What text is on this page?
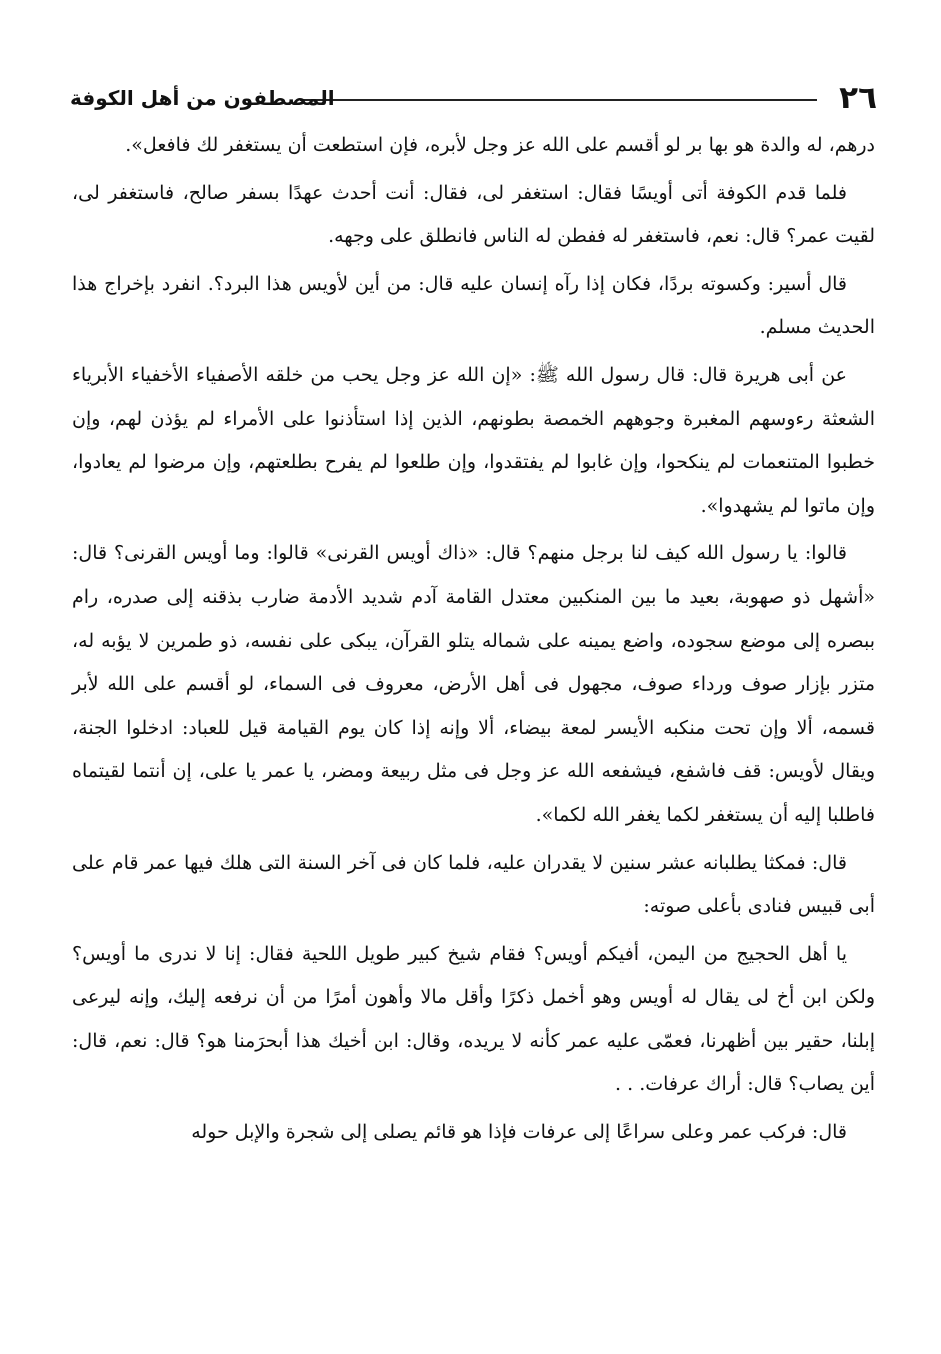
٢٦
المصطفون من أهل الكوفة

درهم، له والدة هو بها بر لو أقسم على الله عز وجل لأبره، فإن استطعت أن يستغفر لك فافعل».

فلما قدم الكوفة أتى أويسًا فقال: استغفر لى، فقال: أنت أحدث عهدًا بسفر صالح، فاستغفر لى، لقيت عمر؟ قال: نعم، فاستغفر له ففطن له الناس فانطلق على وجهه.

قال أسير: وكسوته بردًا، فكان إذا رآه إنسان عليه قال: من أين لأويس هذا البرد؟. انفرد بإخراج هذا الحديث مسلم.

عن أبى هريرة قال: قال رسول الله ﷺ: «إن الله عز وجل يحب من خلقه الأصفياء الأخفياء الأبرياء الشعثة رءوسهم المغبرة وجوههم الخمصة بطونهم، الذين إذا استأذنوا على الأمراء لم يؤذن لهم، وإن خطبوا المتنعمات لم ينكحوا، وإن غابوا لم يفتقدوا، وإن طلعوا لم يفرح بطلعتهم، وإن مرضوا لم يعادوا، وإن ماتوا لم يشهدوا».

قالوا: يا رسول الله كيف لنا برجل منهم؟ قال: «ذاك أويس القرنى» قالوا: وما أويس القرنى؟ قال: «أشهل ذو صهوبة، بعيد ما بين المنكبين معتدل القامة آدم شديد الأدمة ضارب بذقنه إلى صدره، رام ببصره إلى موضع سجوده، واضع يمينه على شماله يتلو القرآن، يبكى على نفسه، ذو طمرين لا يؤبه له، متزر بإزار صوف ورداء صوف، مجهول فى أهل الأرض، معروف فى السماء، لو أقسم على الله لأبر قسمه، ألا وإن تحت منكبه الأيسر لمعة بيضاء، ألا وإنه إذا كان يوم القيامة قيل للعباد: ادخلوا الجنة، ويقال لأويس: قف فاشفع، فيشفعه الله عز وجل فى مثل ربيعة ومضر، يا عمر يا على، إن أنتما لقيتماه فاطلبا إليه أن يستغفر لكما يغفر الله لكما».

قال: فمكثا يطلبانه عشر سنين لا يقدران عليه، فلما كان فى آخر السنة التى هلك فيها عمر قام على أبى قبيس فنادى بأعلى صوته:

يا أهل الحجيج من اليمن، أفيكم أويس؟ فقام شيخ كبير طويل اللحية فقال: إنا لا ندرى ما أويس؟ ولكن ابن أخ لى يقال له أويس وهو أخمل ذكرًا وأقل مالا وأهون أمرًا من أن نرفعه إليك، وإنه ليرعى إبلنا، حقير بين أظهرنا، فعمّى عليه عمر كأنه لا يريده، وقال: ابن أخيك هذا أبحرَمنا هو؟ قال: نعم، قال: أين يصاب؟ قال: أراك عرفات. . .

قال: فركب عمر وعلى سراعًا إلى عرفات فإذا هو قائم يصلى إلى شجرة والإبل حوله
